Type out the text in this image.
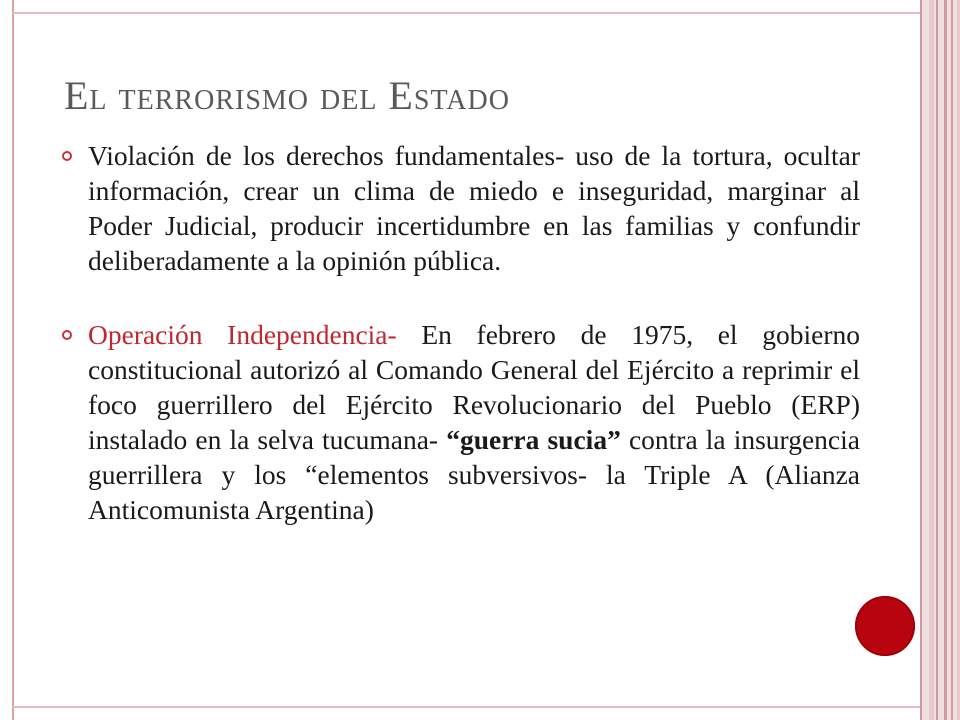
El terrorismo del Estado
Violación de los derechos fundamentales- uso de la tortura, ocultar información, crear un clima de miedo e inseguridad, marginar al Poder Judicial, producir incertidumbre en las familias y confundir deliberadamente a la opinión pública.
Operación Independencia- En febrero de 1975, el gobierno constitucional autorizó al Comando General del Ejército a reprimir el foco guerrillero del Ejército Revolucionario del Pueblo (ERP) instalado en la selva tucumana- “guerra sucia” contra la insurgencia guerrillera y los “elementos subversivos- la Triple A (Alianza Anticomunista Argentina)
